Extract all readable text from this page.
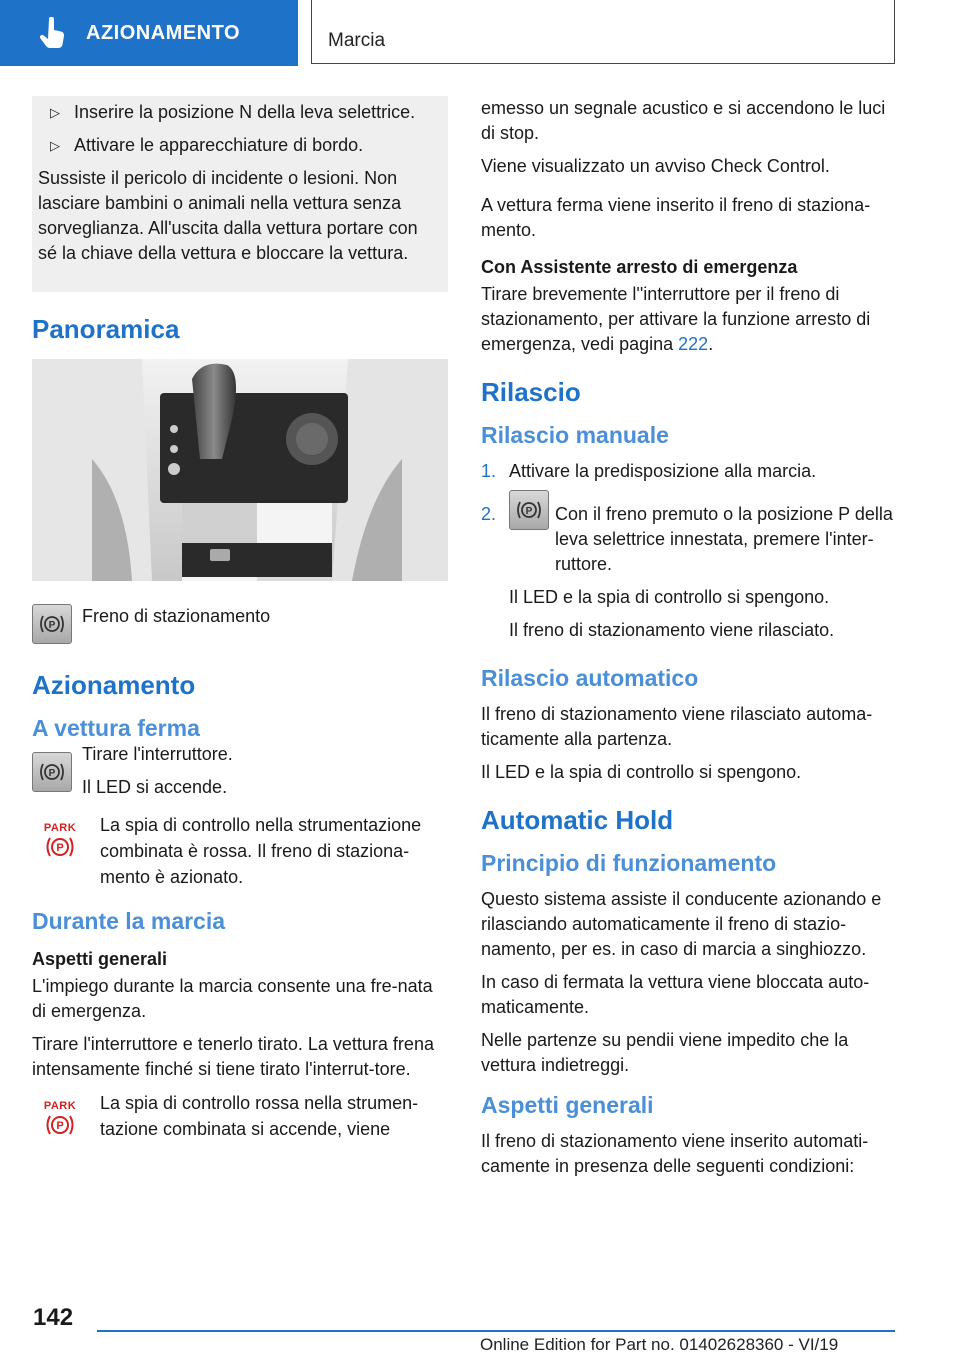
AZIONAMENTO	Marcia
▷ Inserire la posizione N della leva selettrice.
▷ Attivare le apparecchiature di bordo.
Sussiste il pericolo di incidente o lesioni. Non lasciare bambini o animali nella vettura senza sorveglianza. All'uscita dalla vettura portare con sé la chiave della vettura e bloccare la vettura.
Panoramica
P Freno di stazionamento
Azionamento
A vettura ferma
P
Tirare l'interruttore.
Il LED si accende.
PARK
P
La spia di controllo nella strumentazione combinata è rossa. Il freno di staziona-mento è azionato.
Durante la marcia
Aspetti generali
L'impiego durante la marcia consente una fre-nata di emergenza.
Tirare l'interruttore e tenerlo tirato. La vettura frena intensamente finché si tiene tirato l'interrut-tore.
PARK
P
La spia di controllo rossa nella strumen-tazione combinata si accende, viene
emesso un segnale acustico e si accendono le luci di stop.
Viene visualizzato un avviso Check Control.
A vettura ferma viene inserito il freno di staziona-mento.
Con Assistente arresto di emergenza
Tirare brevemente l''interruttore per il freno di stazionamento, per attivare la funzione arresto di emergenza, vedi pagina 222.
Rilascio
Rilascio manuale
1. Attivare la predisposizione alla marcia.
2.	P Con il freno premuto o la posizione P della leva selettrice innestata, premere l'inter-ruttore.
Il LED e la spia di controllo si spengono.
Il freno di stazionamento viene rilasciato.
Rilascio automatico
Il freno di stazionamento viene rilasciato automa-ticamente alla partenza.
Il LED e la spia di controllo si spengono.
Automatic Hold
Principio di funzionamento
Questo sistema assiste il conducente azionando e rilasciando automaticamente il freno di stazio-namento, per es. in caso di marcia a singhiozzo.
In caso di fermata la vettura viene bloccata auto-maticamente.
Nelle partenze su pendii viene impedito che la vettura indietreggi.
Aspetti generali
Il freno di stazionamento viene inserito automati-camente in presenza delle seguenti condizioni:
142
Online Edition for Part no. 01402628360 - VI/19
